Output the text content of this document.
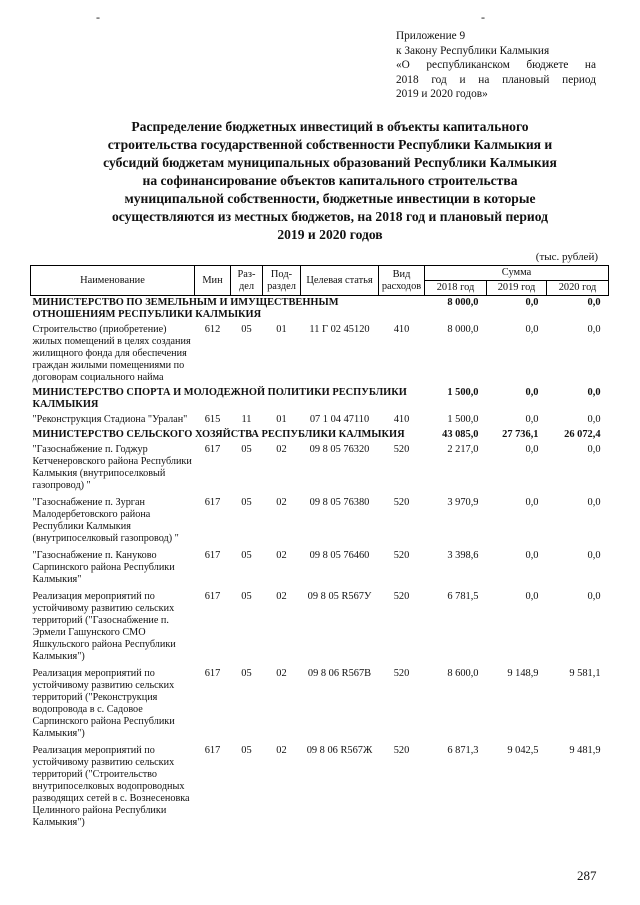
-	-
Приложение 9
к Закону Республики Калмыкия
«О республиканском бюджете на
2018 год и на плановый период
2019 и 2020 годов»
Распределение бюджетных инвестиций в объекты капитального
строительства государственной собственности Республики Калмыкия и
субсидий бюджетам муниципальных образований Республики Калмыкия
на софинансирование объектов капитального строительства
муниципальной собственности, бюджетные инвестиции в которые
осуществляются из местных бюджетов, на 2018 год и плановый период
2019 и 2020 годов
(тыс. рублей)
Наименование	Мин	Раз-дел	Под-раздел	Целевая статья	Вид расходов	Сумма		
						2018 год	2019 год	2020 год
МИНИСТЕРСТВО ПО ЗЕМЕЛЬНЫМ И ИМУЩЕСТВЕННЫМ ОТНОШЕНИЯМ РЕСПУБЛИКИ КАЛМЫКИЯ						8 000,0	0,0	0,0
Строительство (приобретение) жилых помещений в целях создания жилищного фонда для обеспечения граждан жилыми помещениями по договорам социального найма	612	05	01	11 Г 02 45120	410	8 000,0	0,0	0,0
МИНИСТЕРСТВО СПОРТА И МОЛОДЕЖНОЙ ПОЛИТИКИ РЕСПУБЛИКИ КАЛМЫКИЯ						1 500,0	0,0	0,0
"Реконструкция Стадиона "Уралан"	615	11	01	07 1 04 47110	410	1 500,0	0,0	0,0
МИНИСТЕРСТВО СЕЛЬСКОГО ХОЗЯЙСТВА РЕСПУБЛИКИ КАЛМЫКИЯ						43 085,0	27 736,1	26 072,4
"Газоснабжение п. Годжур Кетченеровского района Республики Калмыкия (внутрипоселковый газопровод) "	617	05	02	09 8 05 76320	520	2 217,0	0,0	0,0
"Газоснабжение п. Зурган Малодербетовского района Республики Калмыкия (внутрипоселковый газопровод) "	617	05	02	09 8 05 76380	520	3 970,9	0,0	0,0
"Газоснабжение п. Кануково Сарпинского района Республики Калмыкия"	617	05	02	09 8 05 76460	520	3 398,6	0,0	0,0
Реализация мероприятий по устойчивому развитию сельских территорий ("Газоснабжение п. Эрмели Гашунского СМО Яшкульского района Республики Калмыкия")	617	05	02	09 8 05 R567У	520	6 781,5	0,0	0,0
Реализация мероприятий по устойчивому развитию сельских территорий ("Реконструкция водопровода в с. Садовое Сарпинского района Республики Калмыкия")	617	05	02	09 8 06 R567В	520	8 600,0	9 148,9	9 581,1
Реализация мероприятий по устойчивому развитию сельских территорий ("Строительство внутрипоселковых водопроводных разводящих сетей в с. Вознесеновка Целинного района Республики Калмыкия")	617	05	02	09 8 06 R567Ж	520	6 871,3	9 042,5	9 481,9
287
